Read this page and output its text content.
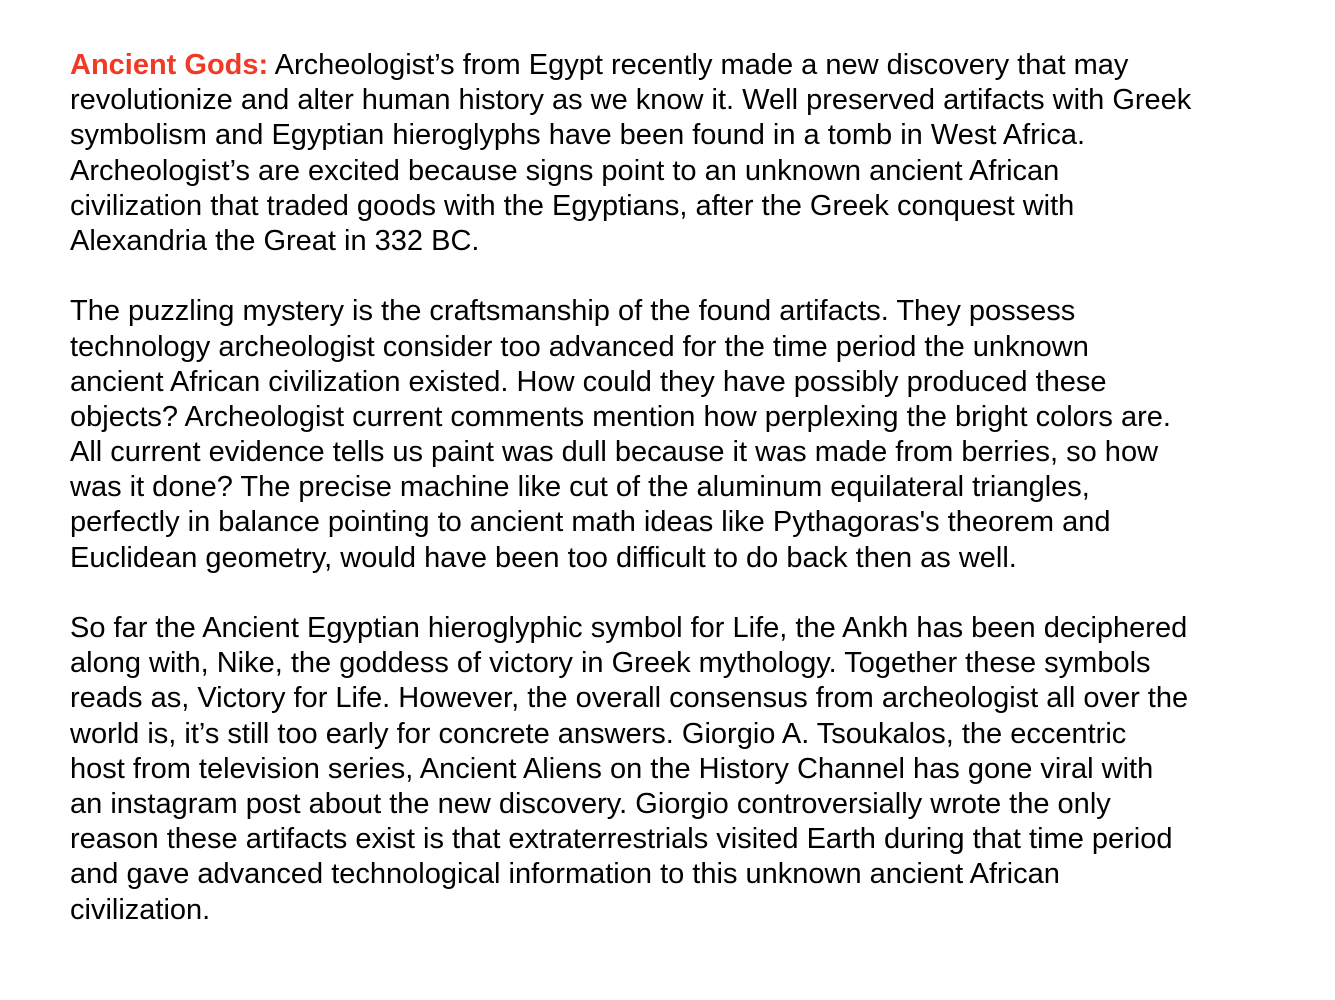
Ancient Gods: Archeologist’s from Egypt recently made a new discovery that may
revolutionize and alter human history as we know it. Well preserved artifacts with Greek
symbolism and Egyptian hieroglyphs have been found in a tomb in West Africa.
Archeologist’s are excited because signs point to an unknown ancient African
civilization that traded goods with the Egyptians, after the Greek conquest with
Alexandria the Great in 332 BC.
The puzzling mystery is the craftsmanship of the found artifacts. They possess
technology archeologist consider too advanced for the time period the unknown
ancient African civilization existed. How could they have possibly produced these
objects? Archeologist current comments mention how perplexing the bright colors are.
All current evidence tells us paint was dull because it was made from berries, so how
was it done? The precise machine like cut of the aluminum equilateral triangles,
perfectly in balance pointing to ancient math ideas like Pythagoras's theorem and
Euclidean geometry, would have been too difficult to do back then as well.
So far the Ancient Egyptian hieroglyphic symbol for Life, the Ankh has been deciphered
along with, Nike, the goddess of victory in Greek mythology. Together these symbols
reads as, Victory for Life. However, the overall consensus from archeologist all over the
world is, it’s still too early for concrete answers. Giorgio A. Tsoukalos, the eccentric
host from television series, Ancient Aliens on the History Channel has gone viral with
an instagram post about the new discovery. Giorgio controversially wrote the only
reason these artifacts exist is that extraterrestrials visited Earth during that time period
and gave advanced technological information to this unknown ancient African
civilization.
